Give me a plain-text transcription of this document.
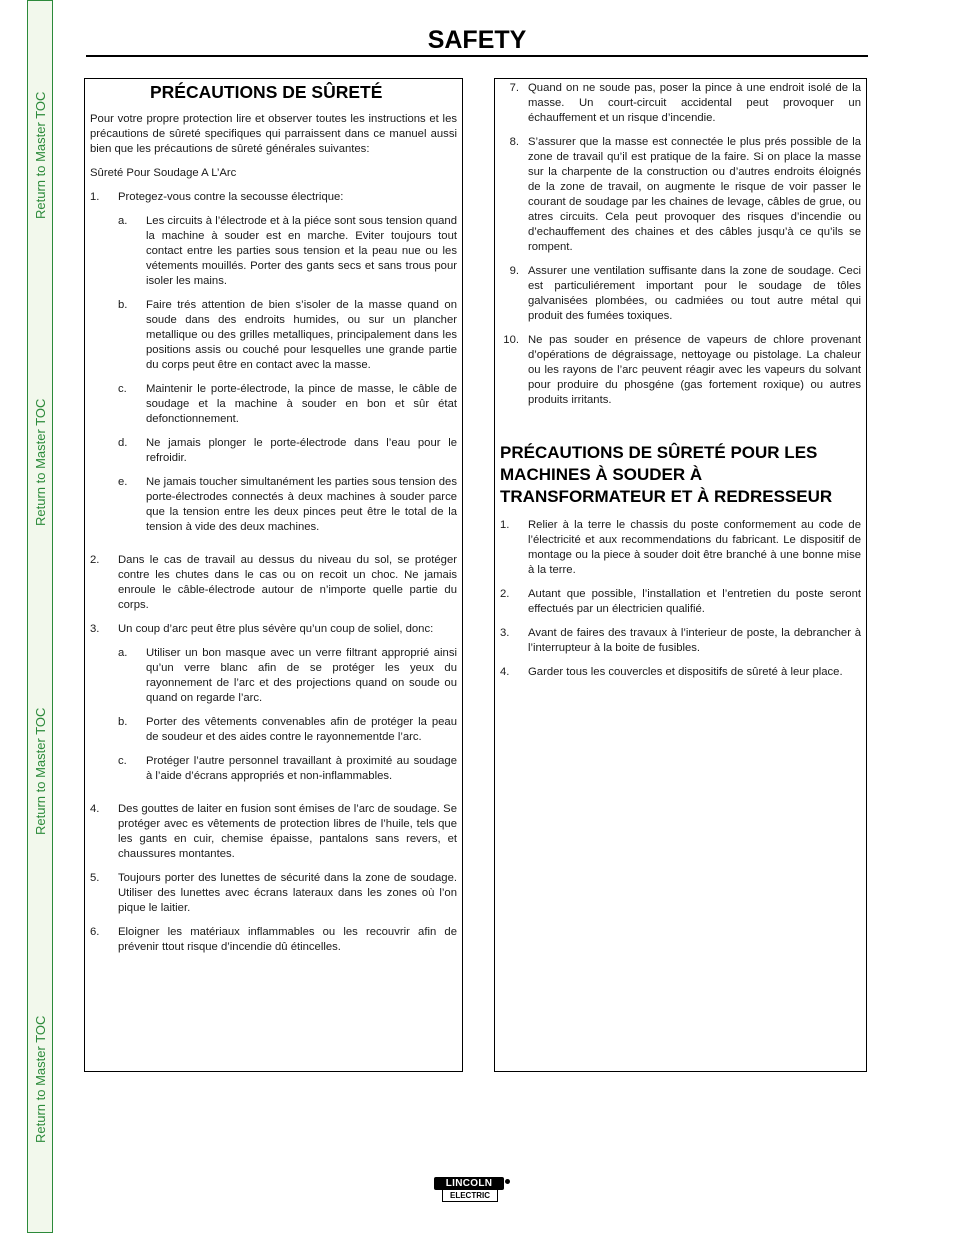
Return to Master TOC
Return to Master TOC
Return to Master TOC
Return to Master TOC
SAFETY
PRÉCAUTIONS DE SÛRETÉ

Pour votre propre protection lire et observer toutes les instructions et les précautions de sûreté specifiques qui parraissent dans ce manuel aussi bien que les précautions de sûreté générales suivantes:

Sûreté Pour Soudage A L’Arc

1.	Protegez-vous contre la secousse électrique:
a.	Les circuits à l’électrode et à la piéce sont sous tension quand la machine à souder est en marche. Eviter toujours tout contact entre les parties sous tension et la peau nue ou les vétements mouillés. Porter des gants secs et sans trous pour isoler les mains.
b.	Faire trés attention de bien s’isoler de la masse quand on soude dans des endroits humides, ou sur un plancher metallique ou des grilles metalliques, principalement dans les positions assis ou couché pour lesquelles une grande partie du corps peut être en contact avec la masse.
c.	Maintenir le porte-électrode, la pince de masse, le câble de soudage et la machine à souder en bon et sûr état defonctionnement.
d.	Ne jamais plonger le porte-électrode dans l’eau pour le refroidir.
e.	Ne jamais toucher simultanément les parties sous tension des porte-électrodes connectés à deux machines à souder parce que la tension entre les deux pinces peut être le total de la tension à vide des deux machines.
2.	Dans le cas de travail au dessus du niveau du sol, se protéger contre les chutes dans le cas ou on recoit un choc. Ne jamais enroule le câble-électrode autour de n’importe quelle partie du corps.
3.	Un coup d’arc peut être plus sévère qu’un coup de soliel, donc:
a.	Utiliser un bon masque avec un verre filtrant approprié ainsi qu’un verre blanc afin de se protéger les yeux du rayonnement de l’arc et des projections quand on soude ou quand on regarde l’arc.
b.	Porter des vêtements convenables afin de protéger la peau de soudeur et des aides contre le rayonnementde l’arc.
c.	Protéger l’autre personnel travaillant à proximité au soudage à l’aide d’écrans appropriés et non-inflammables.
4.	Des gouttes de laiter en fusion sont émises de l’arc de soudage. Se protéger avec es vêtements de protection libres de l’huile, tels que les gants en cuir, chemise épaisse, pantalons sans revers, et chaussures montantes.
5.	Toujours porter des lunettes de sécurité dans la zone de soudage. Utiliser des lunettes avec écrans lateraux dans les zones où l’on pique le laitier.
6.	Eloigner les matériaux inflammables ou les recouvrir afin de prévenir ttout risque d’incendie dû étincelles.
7. Quand on ne soude pas, poser la pince à une endroit isolé de la masse. Un court-circuit accidental peut provoquer un échauffement et un risque d’incendie.
8. S’assurer que la masse est connectée le plus prés possible de la zone de travail qu’il est pratique de la faire. Si on place la masse sur la charpente de la construction ou d’autres endroits éloignés de la zone de travail, on augmente le risque de voir passer le courant de soudage par les chaines de levage, câbles de grue, ou atres circuits. Cela peut provoquer des risques d’incendie ou d’echauffement des chaines et des câbles jusqu’à ce qu’ils se rompent.
9. Assurer une ventilation suffisante dans la zone de soudage. Ceci est particuliérement important pour le soudage de tôles galvanisées plombées, ou cadmiées ou tout autre métal qui produit des fumées toxiques.
10. Ne pas souder en présence de vapeurs de chlore provenant d’opérations de dégraissage, nettoyage ou pistolage. La chaleur ou les rayons de l’arc peuvent réagir avec les vapeurs du solvant pour produire du phosgéne (gas fortement roxique) ou autres produits irritants.
PRÉCAUTIONS DE SÛRETÉ POUR LES MACHINES À SOUDER À TRANSFORMATEUR ET À REDRESSEUR
1.	Relier à la terre le chassis du poste conformement au code de l’électricité et aux recommendations du fabricant. Le dispositif de montage ou la piece à souder doit être branché à une bonne mise à la terre.
2.	Autant que possible, l’installation et l’entretien du poste seront effectués par un électricien qualifié.
3.	Avant de faires des travaux à l’interieur de poste, la debrancher à l’interrupteur à la boite de fusibles.
4.	Garder tous les couvercles et dispositifs de sûreté à leur place.
LINCOLN
ELECTRIC
